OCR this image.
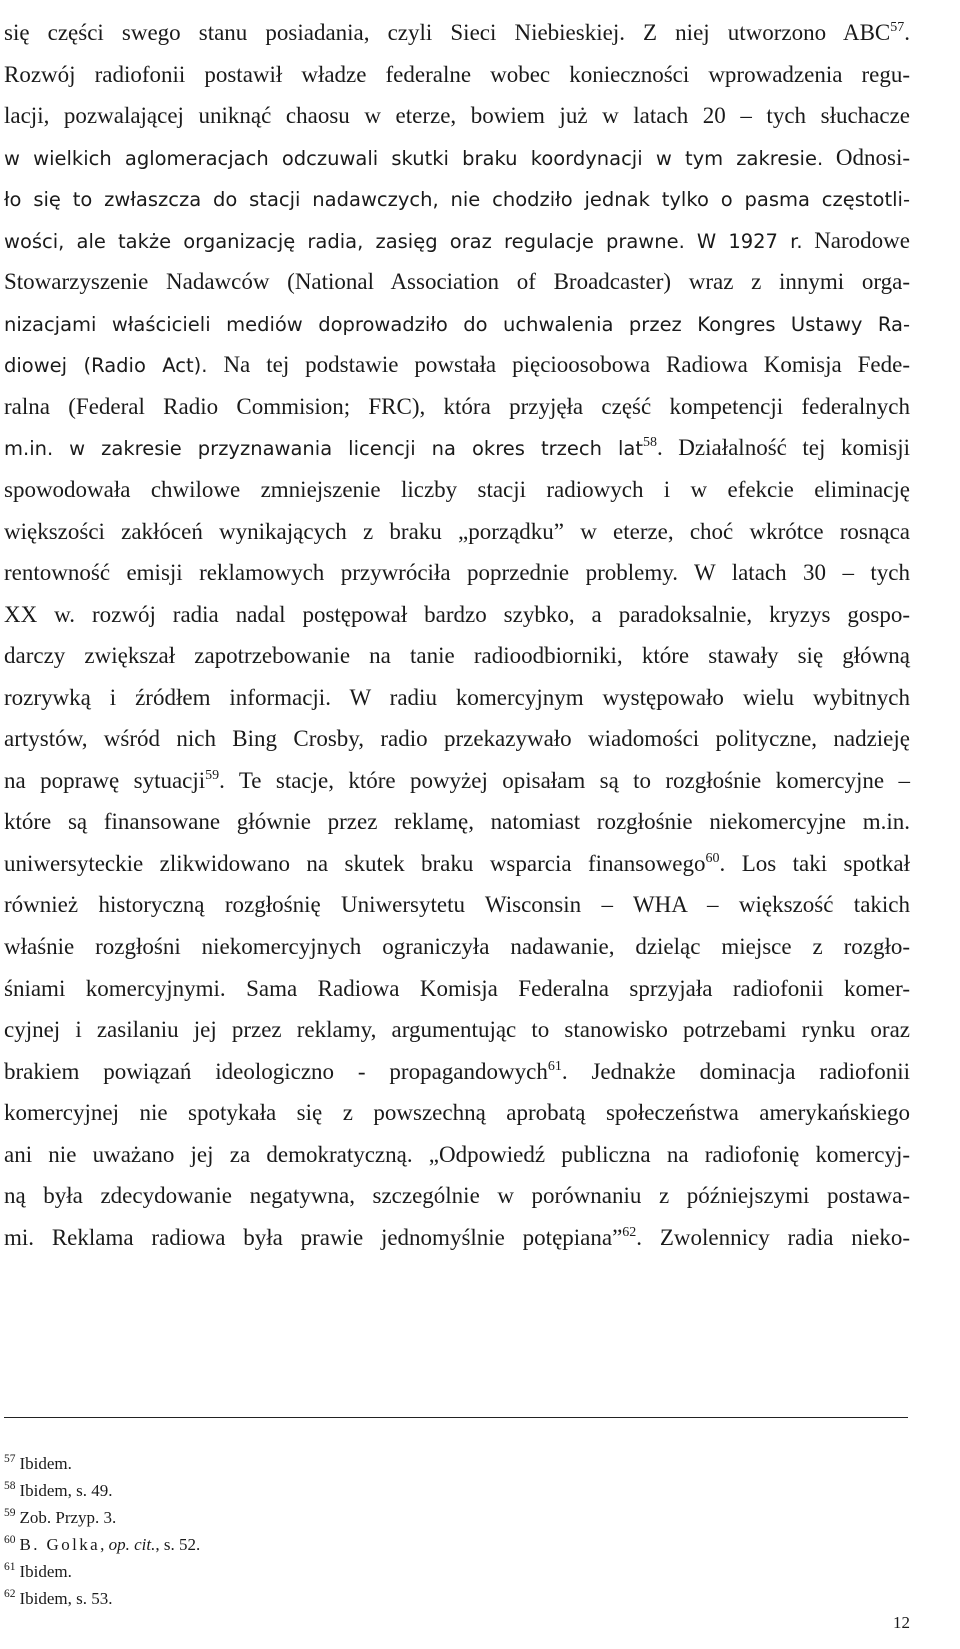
się części swego stanu posiadania, czyli Sieci Niebieskiej. Z niej utworzono ABC$^{57}$.
Rozwój radiofonii postawił władze federalne wobec konieczności wprowadzenia regu-
lacji, pozwalającej uniknąć chaosu w eterze, bowiem już w latach 20 – tych słuchacze
w wielkich aglomeracjach odczuwali skutki braku koordynacji w tym zakresie. Odnosi-
ło się to zwłaszcza do stacji nadawczych, nie chodziło jednak tylko o pasma częstotli-
wości, ale także organizację radia, zasięg oraz regulacje prawne. W 1927 r. Narodowe
Stowarzyszenie Nadawców (National Association of Broadcaster) wraz z innymi orga-
nizacjami właścicieli mediów doprowadziło do uchwalenia przez Kongres Ustawy Ra-
diowej (Radio Act). Na tej podstawie powstała pięcioosobowa Radiowa Komisja Fede-
ralna (Federal Radio Commision; FRC), która przyjęła część kompetencji federalnych
m.in. w zakresie przyznawania licencji na okres trzech lat$^{58}$. Działalność tej komisji
spowodowała chwilowe zmniejszenie liczby stacji radiowych i w efekcie eliminację
większości zakłóceń wynikających z braku „porządku” w eterze, choć wkrótce rosnąca
rentowność emisji reklamowych przywróciła poprzednie problemy. W latach 30 – tych
XX w. rozwój radia nadal postępował bardzo szybko, a paradoksalnie, kryzys gospo-
darczy zwiększał zapotrzebowanie na tanie radioodbiorniki, które stawały się główną
rozrywką i źródłem informacji. W radiu komercyjnym występowało wielu wybitnych
artystów, wśród nich Bing Crosby, radio przekazywało wiadomości polityczne, nadzieję
na poprawę sytuacji$^{59}$. Te stacje, które powyżej opisałam są to rozgłośnie komercyjne –
które są finansowane głównie przez reklamę, natomiast rozgłośnie niekomercyjne m.in.
uniwersyteckie zlikwidowano na skutek braku wsparcia finansowego$^{60}$. Los taki spotkał
również historyczną rozgłośnię Uniwersytetu Wisconsin – WHA – większość takich
właśnie rozgłośni niekomercyjnych ograniczyła nadawanie, dzieląc miejsce z rozgło-
śniami komercyjnymi. Sama Radiowa Komisja Federalna sprzyjała radiofonii komer-
cyjnej i zasilaniu jej przez reklamy, argumentując to stanowisko potrzebami rynku oraz
brakiem powiązań ideologiczno - propagandowych$^{61}$. Jednakże dominacja radiofonii
komercyjnej nie spotykała się z powszechną aprobatą społeczeństwa amerykańskiego
ani nie uważano jej za demokratyczną. „Odpowiedź publiczna na radiofonię komercyj-
ną była zdecydowanie negatywna, szczególnie w porównaniu z późniejszymi postawa-
mi. Reklama radiowa była prawie jednomyślnie potępiana”$^{62}$. Zwolennicy radia nieko-
$^{57}$ Ibidem.
$^{58}$ Ibidem, s. 49.
$^{59}$ Zob. Przyp. 3.
$^{60}$ B. Golka, op. cit., s. 52.
$^{61}$ Ibidem.
$^{62}$ Ibidem, s. 53.
12
